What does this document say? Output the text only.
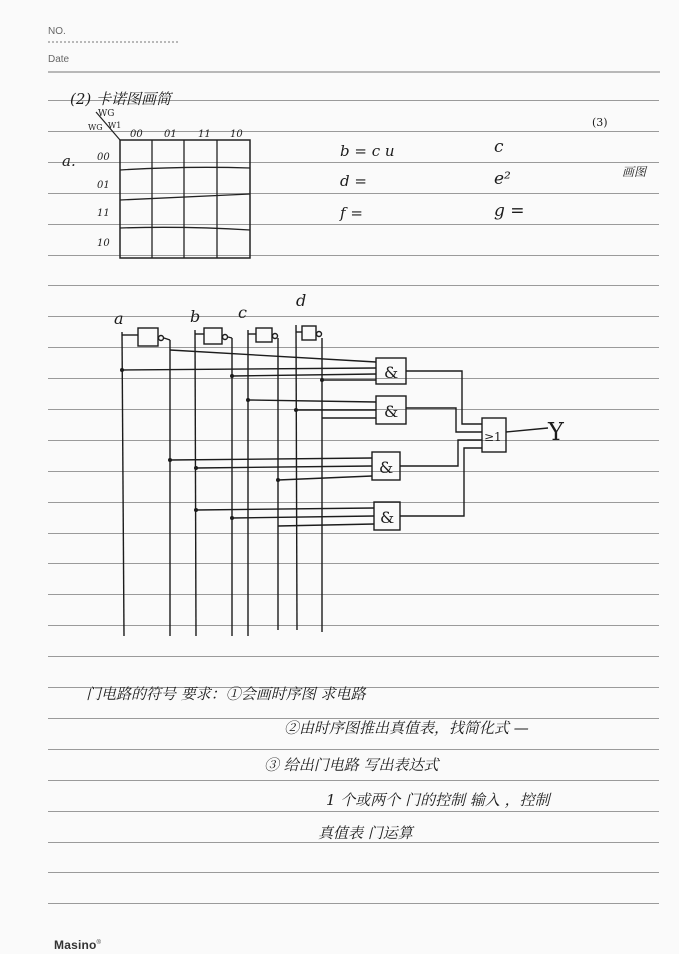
NO.
Date
(2) 卡诺图画简
(3)
WG
W1
WG
00 01 11 10
00
01
11
10
a.
b = c u	c
d =	e²
f =	g =
画图
a	b c
d
&
&
&
&
≥1 Y
门电路的符号 要求：①会画时序图 求电路
②由时序图推出真值表，找简化式 —
③ 给出门电路 写出表达式
1 个或两个 门的控制 输入 ，控制
真值表 门运算
Masino®
